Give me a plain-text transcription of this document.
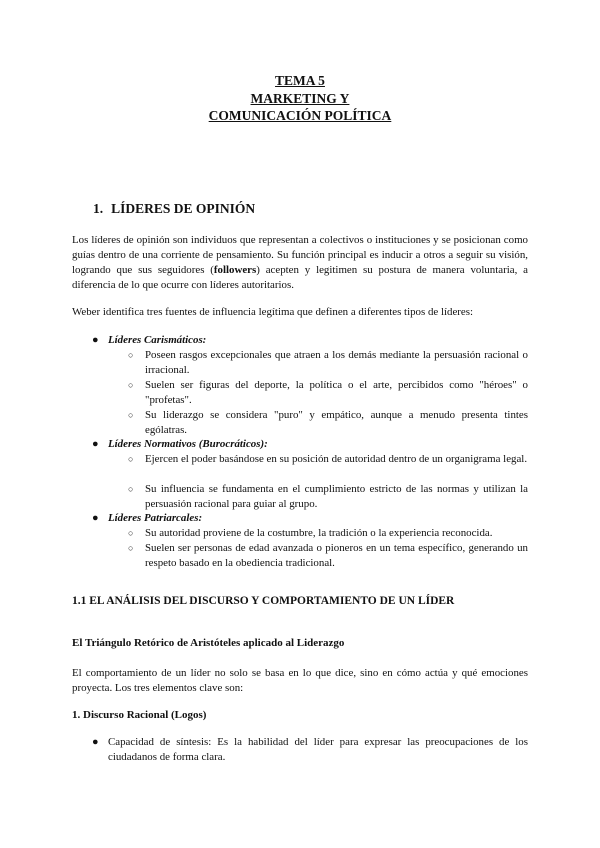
TEMA 5
MARKETING Y
COMUNICACIÓN POLÍTICA
1. LÍDERES DE OPINIÓN
Los líderes de opinión son individuos que representan a colectivos o instituciones y se posicionan como guías dentro de una corriente de pensamiento. Su función principal es inducir a otros a seguir su visión, logrando que sus seguidores (followers) acepten y legitimen su postura de manera voluntaria, a diferencia de lo que ocurre con líderes autoritarios.
Weber identifica tres fuentes de influencia legítima que definen a diferentes tipos de líderes:
● Líderes Carismáticos:
○ Poseen rasgos excepcionales que atraen a los demás mediante la persuasión racional o irracional.
○ Suelen ser figuras del deporte, la política o el arte, percibidos como "héroes" o "profetas".
○ Su liderazgo se considera "puro" y empático, aunque a menudo presenta tintes ególatras.
● Líderes Normativos (Burocráticos):
○ Ejercen el poder basándose en su posición de autoridad dentro de un organigrama legal.
○ Su influencia se fundamenta en el cumplimiento estricto de las normas y utilizan la persuasión racional para guiar al grupo.
● Líderes Patriarcales:
○ Su autoridad proviene de la costumbre, la tradición o la experiencia reconocida.
○ Suelen ser personas de edad avanzada o pioneros en un tema específico, generando un respeto basado en la obediencia tradicional.
1.1 EL ANÁLISIS DEL DISCURSO Y COMPORTAMIENTO DE UN LÍDER
El Triángulo Retórico de Aristóteles aplicado al Liderazgo
El comportamiento de un líder no solo se basa en lo que dice, sino en cómo actúa y qué emociones proyecta. Los tres elementos clave son:
1. Discurso Racional (Logos)
● Capacidad de síntesis: Es la habilidad del líder para expresar las preocupaciones de los ciudadanos de forma clara.
